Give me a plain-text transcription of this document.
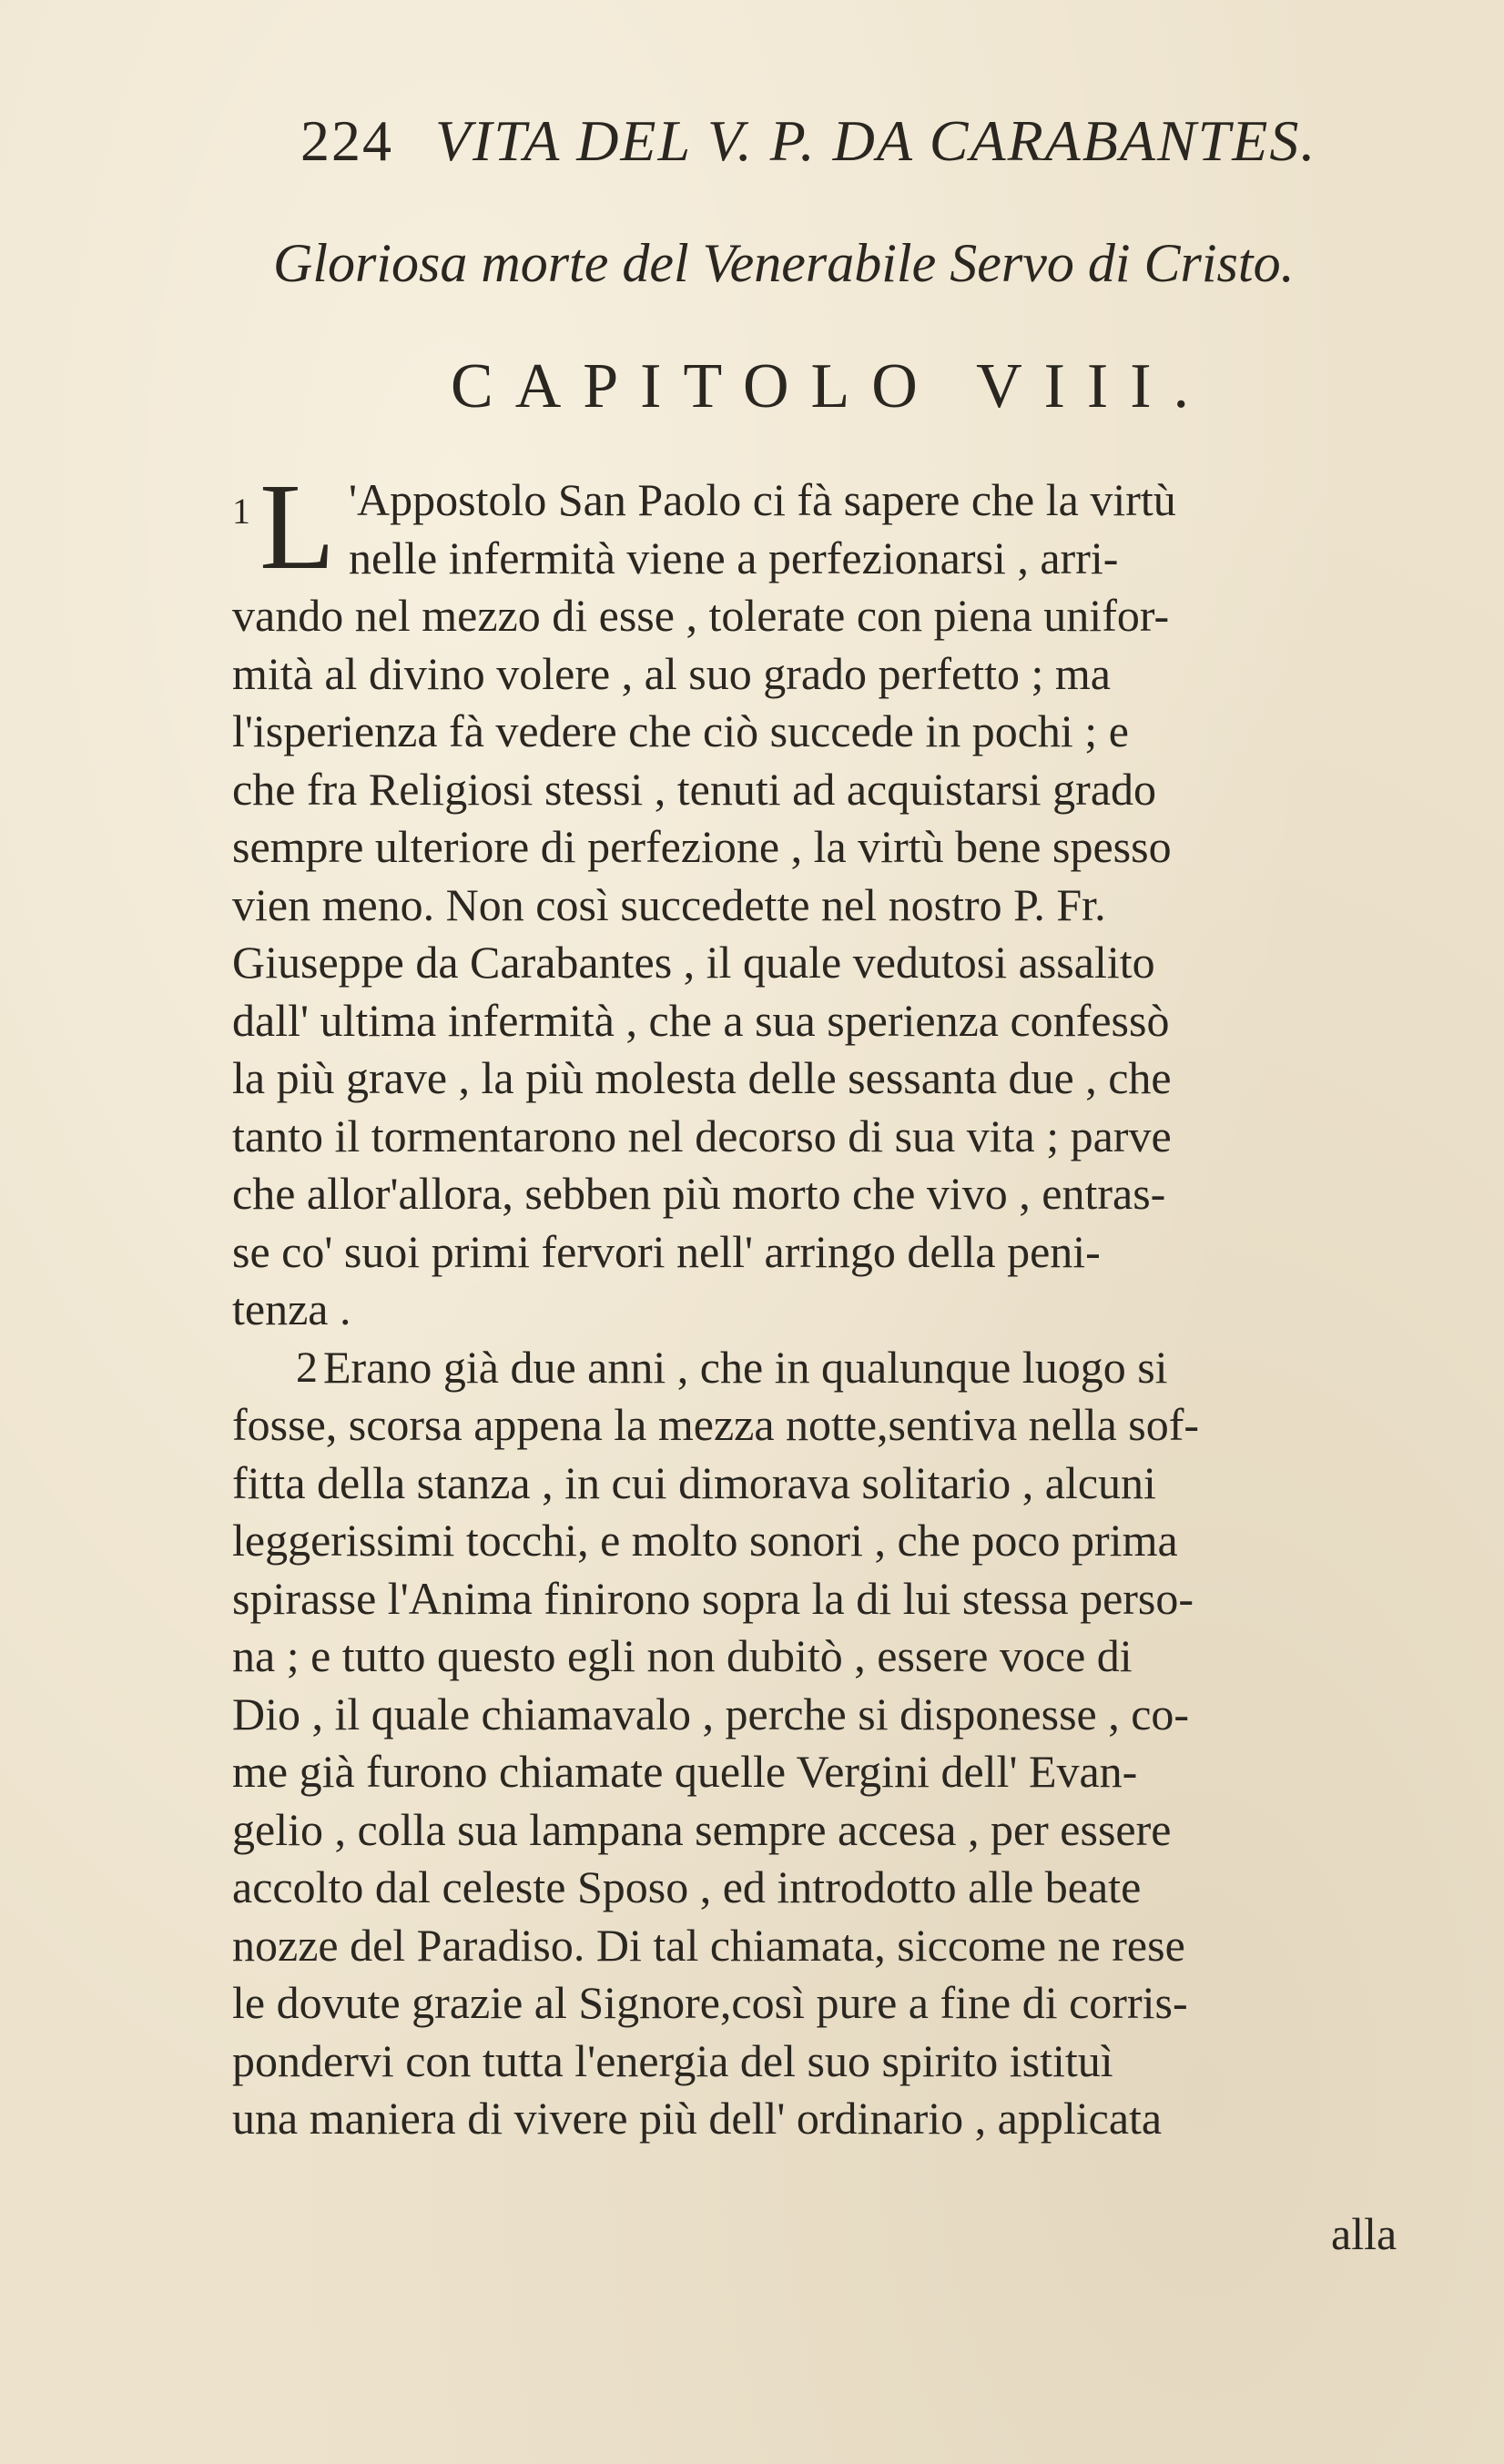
224 VITA DEL V. P. DA CARABANTES.
Gloriosa morte del Venerabile Servo di Cristo.
CAPITOLO VIII.
1 L 'Appostolo San Paolo ci fà sapere che la virtù
nelle infermità viene a perfezionarsi , arri-
vando nel mezzo di esse , tolerate con piena unifor-
mità al divino volere , al suo grado perfetto ; ma
l'isperienza fà vedere che ciò succede in pochi ; e
che fra Religiosi stessi , tenuti ad acquistarsi grado
sempre ulteriore di perfezione , la virtù bene spesso
vien meno. Non così succedette nel nostro P. Fr.
Giuseppe da Carabantes , il quale vedutosi assalito
dall' ultima infermità , che a sua sperienza confessò
la più grave , la più molesta delle sessanta due , che
tanto il tormentarono nel decorso di sua vita ; parve
che allor'allora, sebben più morto che vivo , entras-
se co' suoi primi fervori nell' arringo della peni-
tenza .
2 Erano già due anni , che in qualunque luogo si
fosse, scorsa appena la mezza notte,sentiva nella sof-
fitta della stanza , in cui dimorava solitario , alcuni
leggerissimi tocchi, e molto sonori , che poco prima
spirasse l'Anima finirono sopra la di lui stessa perso-
na ; e tutto questo egli non dubitò , essere voce di
Dio , il quale chiamavalo , perche si disponesse , co-
me già furono chiamate quelle Vergini dell' Evan-
gelio , colla sua lampana sempre accesa , per essere
accolto dal celeste Sposo , ed introdotto alle beate
nozze del Paradiso. Di tal chiamata, siccome ne rese
le dovute grazie al Signore,così pure a fine di corris-
pondervi con tutta l'energia del suo spirito istituì
una maniera di vivere più dell' ordinario , applicata
alla
